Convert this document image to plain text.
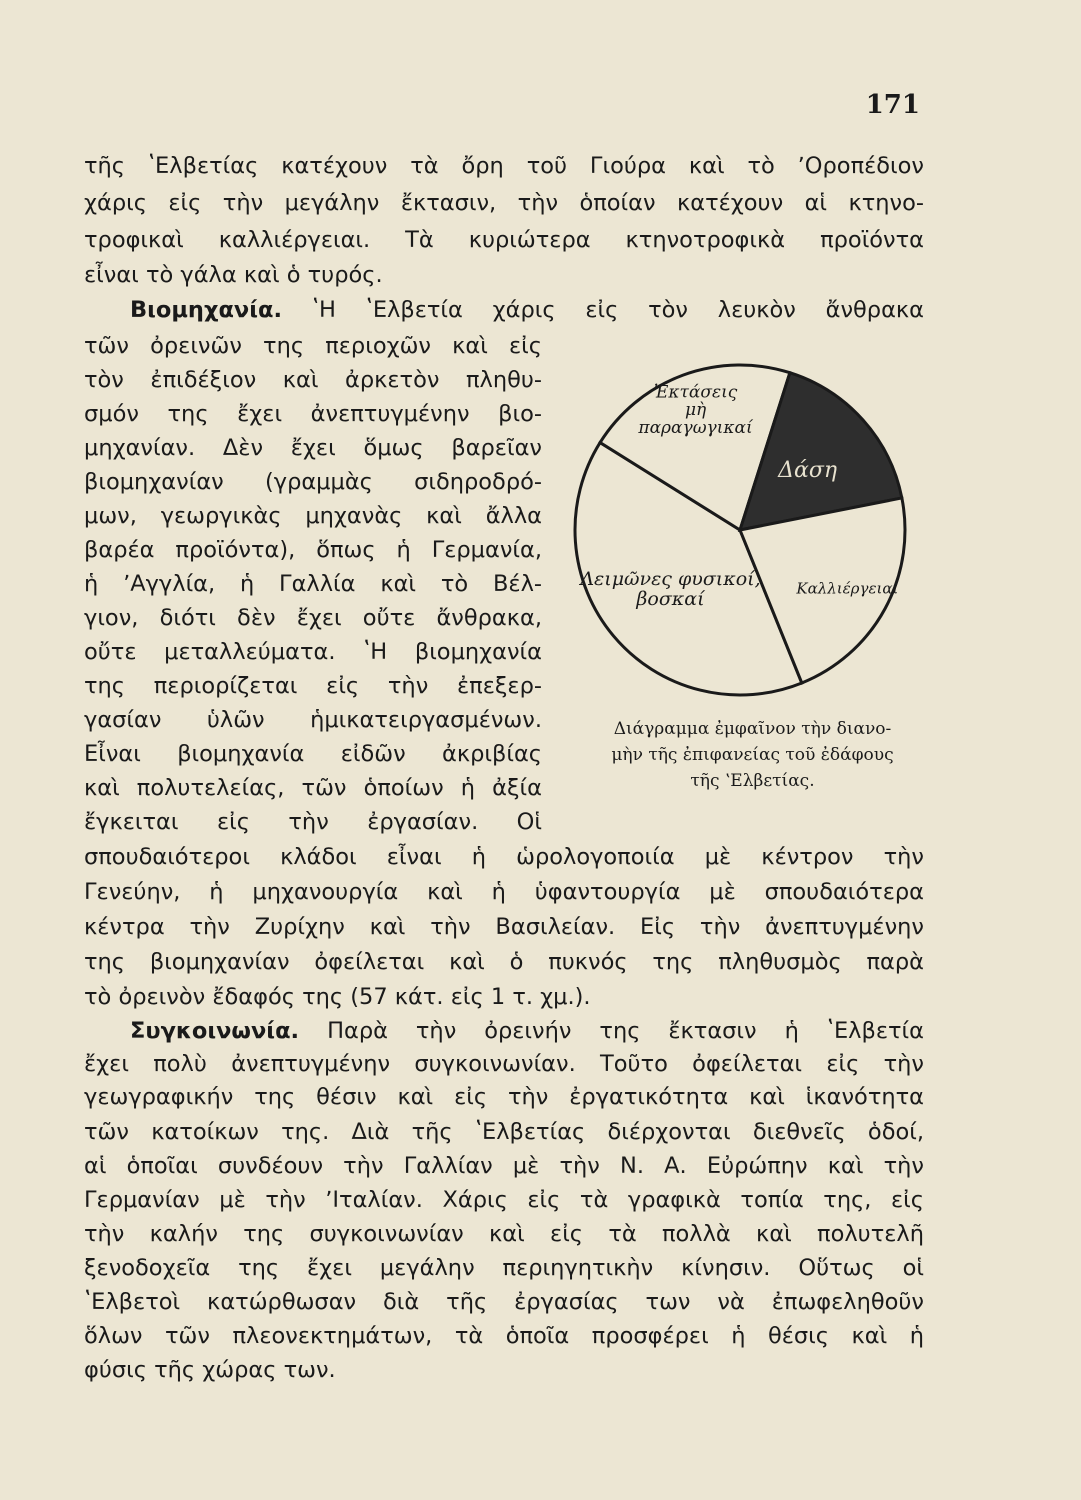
171
τῆς ʽΕλβετίας κατέχουν τὰ ὄρη τοῦ Γιούρα καὶ τὸ ʼΟροπέδιον
χάρις εἰς τὴν μεγάλην ἔκτασιν, τὴν ὁποίαν κατέχουν αἱ κτηνο-
τροφικαὶ καλλιέργειαι. Τὰ κυριώτερα κτηνοτροφικὰ προϊόντα
εἶναι τὸ γάλα καὶ ὁ τυρός.
Βιομηχανία. ʽΗ ʽΕλβετία χάρις εἰς τὸν λευκὸν ἄνθρακα
τῶν ὀρεινῶν της περιοχῶν καὶ εἰς
τὸν ἐπιδέξιον καὶ ἀρκετὸν πληθυ-
σμόν της ἔχει ἀνεπτυγμένην βιο-
μηχανίαν. Δὲν ἔχει ὅμως βαρεῖαν
βιομηχανίαν (γραμμὰς σιδηροδρό-
μων, γεωργικὰς μηχανὰς καὶ ἄλλα
βαρέα προϊόντα), ὅπως ἡ Γερμανία,
ἡ ʼΑγγλία, ἡ Γαλλία καὶ τὸ Βέλ-
γιον, διότι δὲν ἔχει οὔτε ἄνθρακα,
οὔτε μεταλλεύματα. ʽΗ βιομηχανία
της περιορίζεται εἰς τὴν ἐπεξερ-
γασίαν ὑλῶν ἡμικατειργασμένων.
Εἶναι βιομηχανία εἰδῶν ἀκριβίας
καὶ πολυτελείας, τῶν ὁποίων ἡ ἀξία
ἔγκειται εἰς τὴν ἐργασίαν. Οἱ
σπουδαιότεροι κλάδοι εἶναι ἡ ὡρολογοποιία μὲ κέντρον τὴν
Γενεύην, ἡ μηχανουργία καὶ ἡ ὑφαντουργία μὲ σπουδαιότερα
κέντρα τὴν Ζυρίχην καὶ τὴν Βασιλείαν. Εἰς τὴν ἀνεπτυγμένην
της βιομηχανίαν ὀφείλεται καὶ ὁ πυκνός της πληθυσμὸς παρὰ
τὸ ὀρεινὸν ἔδαφός της (57 κάτ. εἰς 1 τ. χμ.).
Συγκοινωνία. Παρὰ τὴν ὀρεινήν της ἔκτασιν ἡ ʽΕλβετία
ἔχει πολὺ ἀνεπτυγμένην συγκοινωνίαν. Τοῦτο ὀφείλεται εἰς τὴν
γεωγραφικήν της θέσιν καὶ εἰς τὴν ἐργατικότητα καὶ ἱκανότητα
τῶν κατοίκων της. Διὰ τῆς ʽΕλβετίας διέρχονται διεθνεῖς ὁδοί,
αἱ ὁποῖαι συνδέουν τὴν Γαλλίαν μὲ τὴν Ν. Α. Εὐρώπην καὶ τὴν
Γερμανίαν μὲ τὴν ʼΙταλίαν. Χάρις εἰς τὰ γραφικὰ τοπία της, εἰς
τὴν καλήν της συγκοινωνίαν καὶ εἰς τὰ πολλὰ καὶ πολυτελῆ
ξενοδοχεῖα της ἔχει μεγάλην περιηγητικὴν κίνησιν. Οὕτως οἱ
ʽΕλβετοὶ κατώρθωσαν διὰ τῆς ἐργασίας των νὰ ἐπωφεληθοῦν
ὅλων τῶν πλεονεκτημάτων, τὰ ὁποῖα προσφέρει ἡ θέσις καὶ ἡ
φύσις τῆς χώρας των.
Λειμῶνες φυσικοί, βοσκαί
Ἐκτάσεις μὴ παραγωγικαί
Δάση
Καλλιέργειαι
Διάγραμμα ἐμφαῖνον τὴν διανο-
μὴν τῆς ἐπιφανείας τοῦ ἐδάφους
τῆς ʽΕλβετίας.
